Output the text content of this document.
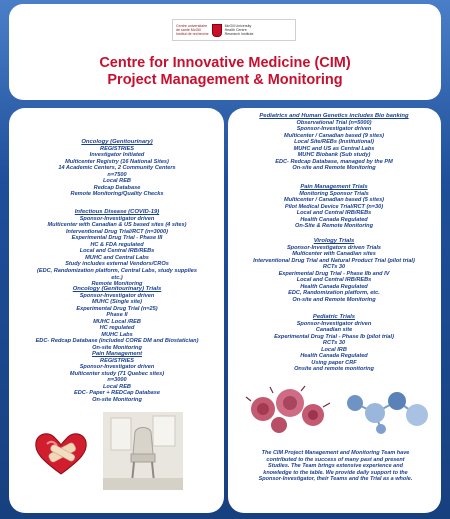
Centre universitaire
de santé McGill
Institut de recherche
McGill University
Health Centre
Research Institute
Centre for Innovative Medicine (CIM)
Project Management & Monitoring
Oncology (Genitourinary)
REGISTRIES
Investigator Initiated
Multicenter Registry (16 National Sites)
14 Academic Centers, 2 Community Centers
n=7500
Local REB
Redcap Database
Remote Monitoring/Quality Checks
Infectious Disease (COVID-19)
Sponsor-Investigator driven
Multicenter with Canadian & US based sites (4 sites)
Interventional Drug Trial/RCT (n=3000)
Experimental Drug Trial - Phase III
HC & FDA regulated
Local and Central IRB/REBs
MUHC and Central Labs
Study includes external Vendors/CROs
(EDC, Randomization platform, Central Labs, study supplies
etc.)
Remote Monitoring
Oncology (Genitourinary) Trials
Sponsor-Investigator driven
MUHC (Single site)
Experimental Drug Trial (n=25)
Phase II
MUHC Local /REB
HC regulated
MUHC Labs
EDC- Redcap Database (included CORE DM and Biostatician)
On-site Monitoring
Pain Management
REGISTRIES
Sponsor-Investigator driven
Multicenter study (71 Quebec sites)
n=3000
Local REB
EDC- Paper + REDCap Database
On-site Monitoring
Pediatrics and Human Genetics includes Bio banking
Observational Trial (n=5000)
Sponsor-Investigator driven
Multicenter / Canadian based (9 sites)
Local Site/REBs (Institutional)
MUHC and US as Central Labs
MUHC Biobank (Sub study)
EDC- Redcap Database, managed by the PM
On-site and Remote Monitoring
Pain Management Trials
Monitoring Sponsor Trials
Multicenter / Canadian based (5 sites)
Pilot Medical Device Trial/RCT (n=30)
Local and Central IRB/REBs
Health Canada Regulated
On-Site & Remote Monitoring
Virology Trials
Sponsor-Investigators driven Trials
Multicenter with Canadian sites
Interventional Drug Trial and Natural Product Trial (pilot trial)
RCTs 30
Experimental Drug Trial - Phase IIb and IV
Local and Central IRB/REBs
Health Canada Regulated
EDC, Randomization platform, etc.
On-site and Remote Monitoring
Pediatric Trials
Sponsor-Investigator driven
Canadian site
Experimental Drug Trial - Phase Ib (pilot trial)
RCTs 30
Local IRB
Health Canada Regulated
Using paper CRF
Onsite and remote monitoring
The CIM Project Management and Monitoring Team have
contributed to the success of many past and present
Studies. The Team brings extensive experience and
knowledge to the table. We provide daily support to the
Sponsor-Investigator, their Teams and the Trial as a whole.
